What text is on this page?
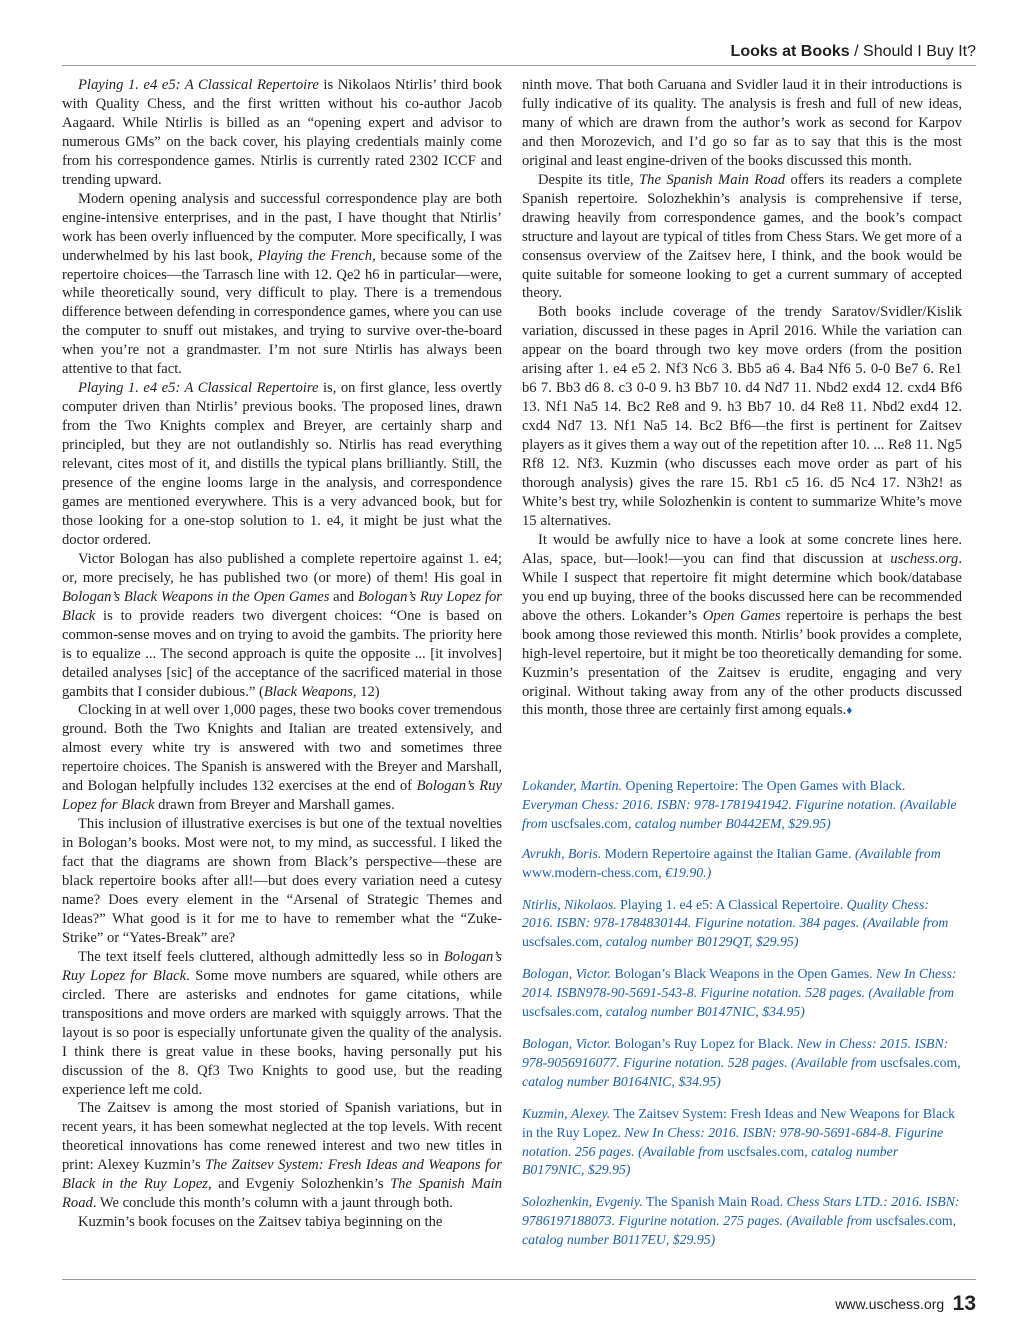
Looks at Books / Should I Buy It?

Playing 1. e4 e5: A Classical Repertoire is Nikolaos Ntirlis’ third book with Quality Chess, and the first written without his co-author Jacob Aagaard. While Ntirlis is billed as an “opening expert and advisor to numerous GMs” on the back cover, his playing credentials mainly come from his correspondence games. Ntirlis is currently rated 2302 ICCF and trending upward.

Modern opening analysis and successful correspondence play are both engine-intensive enterprises, and in the past, I have thought that Ntirlis’ work has been overly influenced by the computer. More specifically, I was underwhelmed by his last book, Playing the French, because some of the repertoire choices—the Tarrasch line with 12. Qe2 h6 in particular—were, while theoretically sound, very difficult to play. There is a tremendous difference between defending in correspondence games, where you can use the computer to snuff out mistakes, and trying to survive over-the-board when you’re not a grandmaster. I’m not sure Ntirlis has always been attentive to that fact.

Playing 1. e4 e5: A Classical Repertoire is, on first glance, less overtly computer driven than Ntirlis’ previous books. The proposed lines, drawn from the Two Knights complex and Breyer, are certainly sharp and principled, but they are not outlandishly so. Ntirlis has read everything relevant, cites most of it, and distills the typical plans brilliantly. Still, the presence of the engine looms large in the analysis, and correspondence games are mentioned everywhere. This is a very advanced book, but for those looking for a one-stop solution to 1. e4, it might be just what the doctor ordered.

Victor Bologan has also published a complete repertoire against 1. e4; or, more precisely, he has published two (or more) of them! His goal in Bologan’s Black Weapons in the Open Games and Bologan’s Ruy Lopez for Black is to provide readers two divergent choices: “One is based on common-sense moves and on trying to avoid the gambits. The priority here is to equalize ... The second approach is quite the opposite ... [it involves] detailed analyses [sic] of the acceptance of the sacrificed material in those gambits that I consider dubious.” (Black Weapons, 12)

Clocking in at well over 1,000 pages, these two books cover tremendous ground. Both the Two Knights and Italian are treated extensively, and almost every white try is answered with two and sometimes three repertoire choices. The Spanish is answered with the Breyer and Marshall, and Bologan helpfully includes 132 exercises at the end of Bologan’s Ruy Lopez for Black drawn from Breyer and Marshall games.

This inclusion of illustrative exercises is but one of the textual novelties in Bologan’s books. Most were not, to my mind, as successful. I liked the fact that the diagrams are shown from Black’s perspective—these are black repertoire books after all!—but does every variation need a cutesy name? Does every element in the “Arsenal of Strategic Themes and Ideas?” What good is it for me to have to remember what the “Zuke-Strike” or “Yates-Break” are?

The text itself feels cluttered, although admittedly less so in Bologan’s Ruy Lopez for Black. Some move numbers are squared, while others are circled. There are asterisks and endnotes for game citations, while transpositions and move orders are marked with squiggly arrows. That the layout is so poor is especially unfortunate given the quality of the analysis. I think there is great value in these books, having personally put his discussion of the 8. Qf3 Two Knights to good use, but the reading experience left me cold.

The Zaitsev is among the most storied of Spanish variations, but in recent years, it has been somewhat neglected at the top levels. With recent theoretical innovations has come renewed interest and two new titles in print: Alexey Kuzmin’s The Zaitsev System: Fresh Ideas and Weapons for Black in the Ruy Lopez, and Evgeniy Solozhenkin’s The Spanish Main Road. We conclude this month’s column with a jaunt through both.

Kuzmin’s book focuses on the Zaitsev tabiya beginning on the

ninth move. That both Caruana and Svidler laud it in their introductions is fully indicative of its quality. The analysis is fresh and full of new ideas, many of which are drawn from the author’s work as second for Karpov and then Morozevich, and I’d go so far as to say that this is the most original and least engine-driven of the books discussed this month.

Despite its title, The Spanish Main Road offers its readers a complete Spanish repertoire. Solozhekhin’s analysis is comprehensive if terse, drawing heavily from correspondence games, and the book’s compact structure and layout are typical of titles from Chess Stars. We get more of a consensus overview of the Zaitsev here, I think, and the book would be quite suitable for someone looking to get a current summary of accepted theory.

Both books include coverage of the trendy Saratov/Svidler/Kislik variation, discussed in these pages in April 2016. While the variation can appear on the board through two key move orders (from the position arising after 1. e4 e5 2. Nf3 Nc6 3. Bb5 a6 4. Ba4 Nf6 5. 0-0 Be7 6. Re1 b6 7. Bb3 d6 8. c3 0-0 9. h3 Bb7 10. d4 Nd7 11. Nbd2 exd4 12. cxd4 Bf6 13. Nf1 Na5 14. Bc2 Re8 and 9. h3 Bb7 10. d4 Re8 11. Nbd2 exd4 12. cxd4 Nd7 13. Nf1 Na5 14. Bc2 Bf6—the first is pertinent for Zaitsev players as it gives them a way out of the repetition after 10. ... Re8 11. Ng5 Rf8 12. Nf3. Kuzmin (who discusses each move order as part of his thorough analysis) gives the rare 15. Rb1 c5 16. d5 Nc4 17. N3h2! as White’s best try, while Solozhenkin is content to summarize White’s move 15 alternatives.

It would be awfully nice to have a look at some concrete lines here. Alas, space, but—look!—you can find that discussion at uschess.org. While I suspect that repertoire fit might determine which book/database you end up buying, three of the books discussed here can be recommended above the others. Lokander’s Open Games repertoire is perhaps the best book among those reviewed this month. Ntirlis’ book provides a complete, high-level repertoire, but it might be too theoretically demanding for some. Kuzmin’s presentation of the Zaitsev is erudite, engaging and very original. Without taking away from any of the other products discussed this month, those three are certainly first among equals.♦

Lokander, Martin. Opening Repertoire: The Open Games with Black. Everyman Chess: 2016. ISBN: 978-1781941942. Figurine notation. (Available from uscfsales.com, catalog number B0442EM, $29.95)
Avrukh, Boris. Modern Repertoire against the Italian Game. (Available from www.modern-chess.com, €19.90.)
Ntirlis, Nikolaos. Playing 1. e4 e5: A Classical Repertoire. Quality Chess: 2016. ISBN: 978-1784830144. Figurine notation. 384 pages. (Available from uscfsales.com, catalog number B0129QT, $29.95)
Bologan, Victor. Bologan’s Black Weapons in the Open Games. New In Chess: 2014. ISBN978-90-5691-543-8. Figurine notation. 528 pages. (Available from uscfsales.com, catalog number B0147NIC, $34.95)
Bologan, Victor. Bologan’s Ruy Lopez for Black. New in Chess: 2015. ISBN: 978-9056916077. Figurine notation. 528 pages. (Available from uscfsales.com, catalog number B0164NIC, $34.95)
Kuzmin, Alexey. The Zaitsev System: Fresh Ideas and New Weapons for Black in the Ruy Lopez. New In Chess: 2016. ISBN: 978-90-5691-684-8. Figurine notation. 256 pages. (Available from uscfsales.com, catalog number B0179NIC, $29.95)
Solozhenkin, Evgeniy. The Spanish Main Road. Chess Stars LTD.: 2016. ISBN: 9786197188073. Figurine notation. 275 pages. (Available from uscfsales.com, catalog number B0117EU, $29.95)
www.uschess.org 13
